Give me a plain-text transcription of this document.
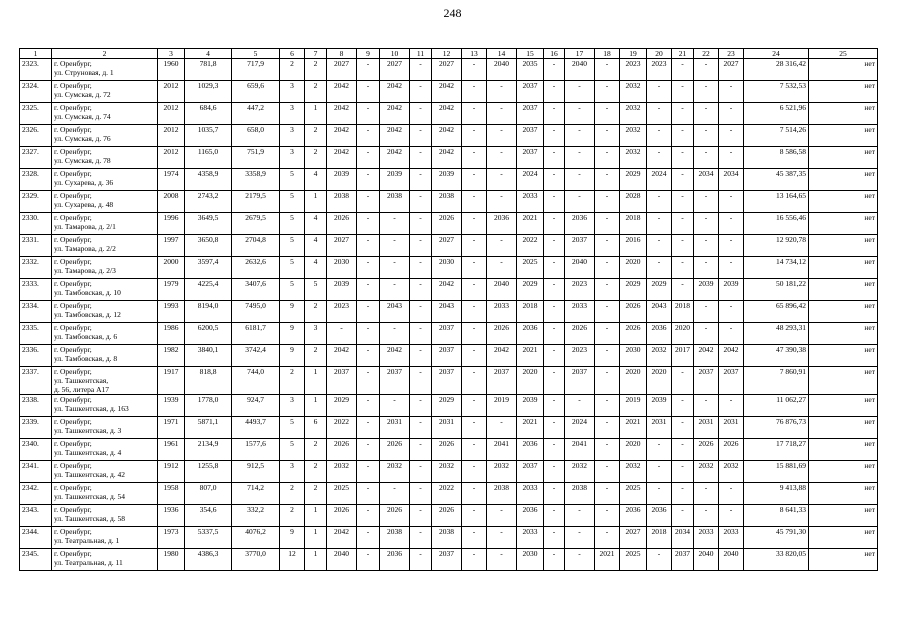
248
1	2	3	4	5	6	7	8	9	10	11	12	13	14	15	16	17	18	19	20	21	22	23	24	25
2323.	г. Оренбург,
ул. Струновая, д. 1	1960	781,8	717,9	2	2	2027	-	2027	-	2027	-	2040	2035	-	2040	-	2023	2023	-	-	2027	28 316,42	нет
2324.	г. Оренбург,
ул. Сумская, д. 72	2012	1029,3	659,6	3	2	2042	-	2042	-	2042	-	-	2037	-	-	-	2032	-	-	-	-	7 532,53	нет
2325.	г. Оренбург,
ул. Сумская, д. 74	2012	684,6	447,2	3	1	2042	-	2042	-	2042	-	-	2037	-	-	-	2032	-	-	-	-	6 521,96	нет
2326.	г. Оренбург,
ул. Сумская, д. 76	2012	1035,7	658,0	3	2	2042	-	2042	-	2042	-	-	2037	-	-	-	2032	-	-	-	-	7 514,26	нет
2327.	г. Оренбург,
ул. Сумская, д. 78	2012	1165,0	751,9	3	2	2042	-	2042	-	2042	-	-	2037	-	-	-	2032	-	-	-	-	8 586,58	нет
2328.	г. Оренбург,
ул. Сухарева, д. 36	1974	4358,9	3358,9	5	4	2039	-	2039	-	2039	-	-	2024	-	-	-	2029	2024	-	2034	2034	45 387,35	нет
2329.	г. Оренбург,
ул. Сухарева, д. 48	2008	2743,2	2179,5	5	1	2038	-	2038	-	2038	-	-	2033	-	-	-	2028	-	-	-	-	13 164,65	нет
2330.	г. Оренбург,
ул. Тамарова, д. 2/1	1996	3649,5	2679,5	5	4	2026	-	-	-	2026	-	2036	2021	-	2036	-	2018	-	-	-	-	16 556,46	нет
2331.	г. Оренбург,
ул. Тамарова, д. 2/2	1997	3650,8	2704,8	5	4	2027	-	-	-	2027	-	-	2022	-	2037	-	2016	-	-	-	-	12 920,78	нет
2332.	г. Оренбург,
ул. Тамарова, д. 2/3	2000	3597,4	2632,6	5	4	2030	-	-	-	2030	-	-	2025	-	2040	-	2020	-	-	-	-	14 734,12	нет
2333.	г. Оренбург,
ул. Тамбовская, д. 10	1979	4225,4	3407,6	5	5	2039	-	-	-	2042	-	2040	2029	-	2023	-	2029	2029	-	2039	2039	50 181,22	нет
2334.	г. Оренбург,
ул. Тамбовская, д. 12	1993	8194,0	7495,0	9	2	2023	-	2043	-	2043	-	2033	2018	-	2033	-	2026	2043	2018	-	-	65 896,42	нет
2335.	г. Оренбург,
ул. Тамбовская, д. 6	1986	6200,5	6181,7	9	3	-	-	-	-	2037	-	2026	2036	-	2026	-	2026	2036	2020	-	-	48 293,31	нет
2336.	г. Оренбург,
ул. Тамбовская, д. 8	1982	3840,1	3742,4	9	2	2042	-	2042	-	2037	-	2042	2021	-	2023	-	2030	2032	2017	2042	2042	47 390,38	нет
2337.	г. Оренбург,
ул. Ташкентская,
д. 56, литера А17	1917	818,8	744,0	2	1	2037	-	2037	-	2037	-	2037	2020	-	2037	-	2020	2020	-	2037	2037	7 860,91	нет
2338.	г. Оренбург,
ул. Ташкентская, д. 163	1939	1778,0	924,7	3	1	2029	-	-	-	2029	-	2019	2039	-	-	-	2019	2039	-	-	-	11 062,27	нет
2339.	г. Оренбург,
ул. Ташкентская, д. 3	1971	5871,1	4493,7	5	6	2022	-	2031	-	2031	-	-	2021	-	2024	-	2021	2031	-	2031	2031	76 876,73	нет
2340.	г. Оренбург,
ул. Ташкентская, д. 4	1961	2134,9	1577,6	5	2	2026	-	2026	-	2026	-	2041	2036	-	2041	-	2020	-	-	2026	2026	17 718,27	нет
2341.	г. Оренбург,
ул. Ташкентская, д. 42	1912	1255,8	912,5	3	2	2032	-	2032	-	2032	-	2032	2037	-	2032	-	2032	-	-	2032	2032	15 881,69	нет
2342.	г. Оренбург,
ул. Ташкентская, д. 54	1958	807,0	714,2	2	2	2025	-	-	-	2022	-	2038	2033	-	2038	-	2025	-	-	-	-	9 413,88	нет
2343.	г. Оренбург,
ул. Ташкентская, д. 58	1936	354,6	332,2	2	1	2026	-	2026	-	2026	-	-	2036	-	-	-	2036	2036	-	-	-	8 641,33	нет
2344.	г. Оренбург,
ул. Театральная, д. 1	1973	5337,5	4076,2	9	1	2042	-	2038	-	2038	-	-	2033	-	-	-	2027	2018	2034	2033	2033	45 791,30	нет
2345.	г. Оренбург,
ул. Театральная, д. 11	1980	4386,3	3770,0	12	1	2040	-	2036	-	2037	-	-	2030	-	-	2021	2025	-	2037	2040	2040	33 820,05	нет
